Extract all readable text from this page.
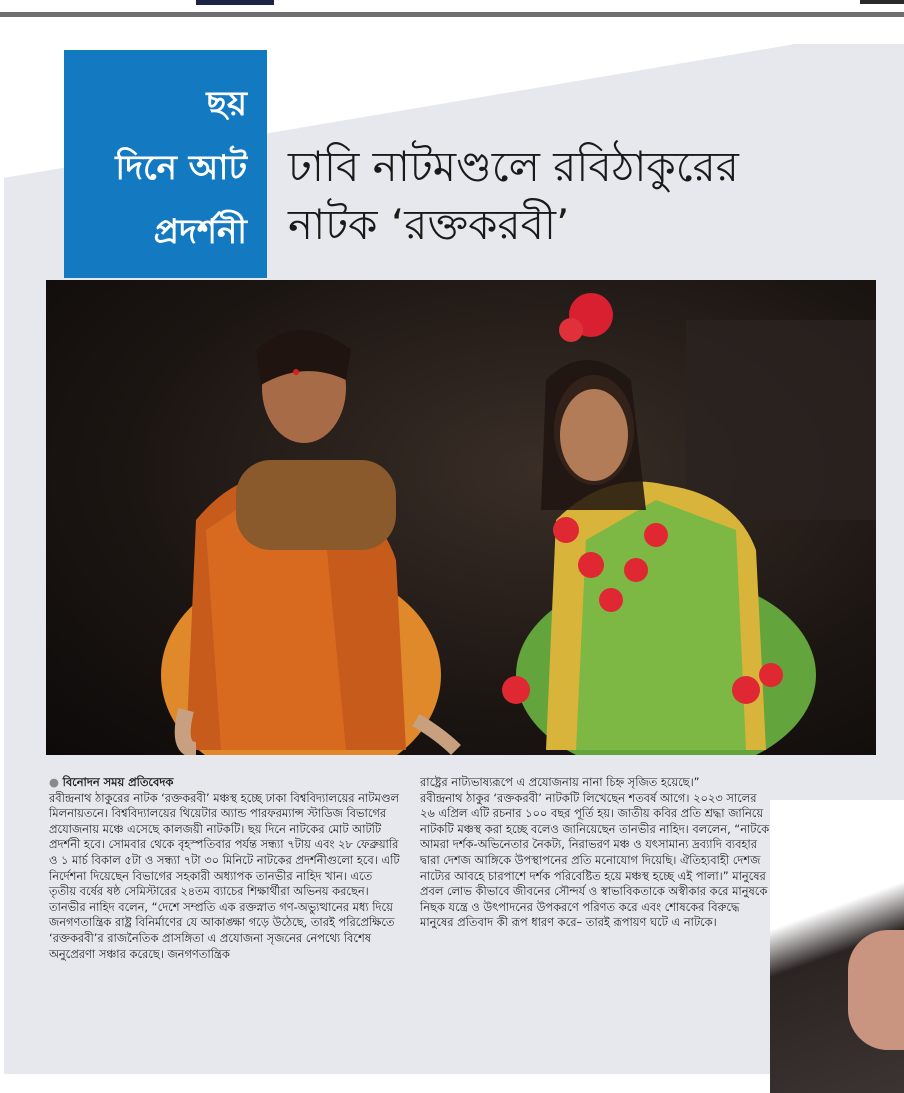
ছয়
দিনে আট
প্রদর্শনী
ঢাবি নাটমণ্ডলে রবিঠাকুরের
নাটক ‘রক্তকরবী’
● বিনোদন সময় প্রতিবেদক
রবীন্দ্রনাথ ঠাকুরের নাটক ‘রক্তকরবী’ মঞ্চস্থ হচ্ছে ঢাকা বিশ্ববিদ্যালয়ের নাটমণ্ডল মিলনায়তনে। বিশ্ববিদ্যালয়ের থিয়েটার অ্যান্ড পারফরম্যান্স স্টাডিজ বিভাগের প্রযোজনায় মঞ্চে এসেছে কালজয়ী নাটকটি। ছয় দিনে নাটকের মোট আটটি প্রদর্শনী হবে। সোমবার থেকে বৃহস্পতিবার পর্যন্ত সন্ধ্যা ৭টায় এবং ২৮ ফেব্রুয়ারি ও ১ মার্চ বিকাল ৫টা ও সন্ধ্যা ৭টা ৩০ মিনিটে নাটকের প্রদর্শনীগুলো হবে। এটি নির্দেশনা দিয়েছেন বিভাগের সহকারী অধ্যাপক তানভীর নাহিদ খান। এতে তৃতীয় বর্ষের ষষ্ঠ সেমিস্টারের ২৪তম ব্যাচের শিক্ষার্থীরা অভিনয় করছেন। তানভীর নাহিদ বলেন, “দেশে সম্প্রতি এক রক্তস্নাত গণ-অভ্যুত্থানের মধ্য দিয়ে জনগণতান্ত্রিক রাষ্ট্র বিনির্মাণের যে আকাঙ্ক্ষা গড়ে উঠেছে, তারই পরিপ্রেক্ষিতে ‘রক্তকরবী’র রাজনৈতিক প্রাসঙ্গিতা এ প্রযোজনা সৃজনের নেপথ্যে বিশেষ অনুপ্রেরণা সঞ্চার করেছে। জনগণতান্ত্রিক
রাষ্ট্রের নাট্যভাষ্যরূপে এ প্রযোজনায় নানা চিহ্ন সৃজিত হয়েছে।”
রবীন্দ্রনাথ ঠাকুর ‘রক্তকরবী’ নাটকটি লিখেছেন শতবর্ষ আগে। ২০২৩ সালের ২৬ এপ্রিল এটি রচনার ১০০ বছর পূর্তি হয়। জাতীয় কবির প্রতি শ্রদ্ধা জানিয়ে নাটকটি মঞ্চস্থ করা হচ্ছে বলেও জানিয়েছেন তানভীর নাহিদ। বললেন, “নাটকে আমরা দর্শক-অভিনেতার নৈকট্য, নিরাভরণ মঞ্চ ও যৎসামান্য দ্রব্যাদি ব্যবহার দ্বারা দেশজ আঙ্গিকে উপস্থাপনের প্রতি মনোযোগ দিয়েছি। ঐতিহ্যবাহী দেশজ নাট্যের আবহে চারপাশে দর্শক পরিবেষ্টিত হয়ে মঞ্চস্থ হচ্ছে এই পালা।” মানুষের প্রবল লোভ কীভাবে জীবনের সৌন্দর্য ও স্বাভাবিকতাকে অস্বীকার করে মানুষকে নিছক যন্ত্রে ও উৎপাদনের উপকরণে পরিণত করে এবং শোষকের বিরুদ্ধে মানুষের প্রতিবাদ কী রূপ ধারণ করে– তারই রূপায়ণ ঘটে এ নাটকে।
